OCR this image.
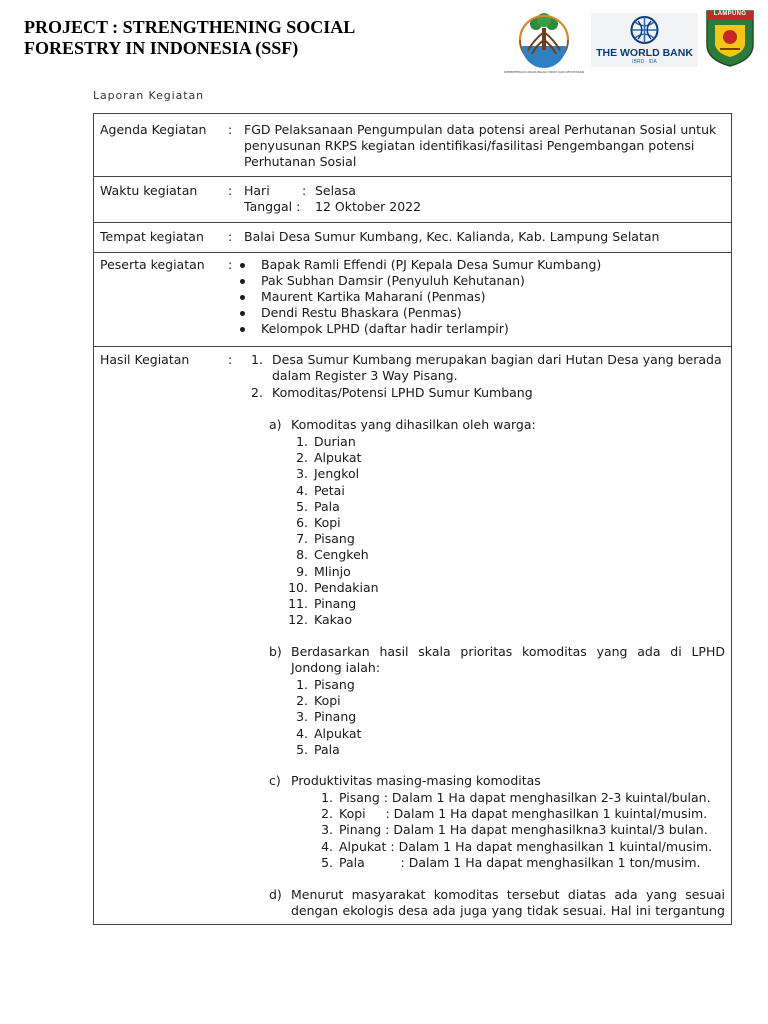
PROJECT : STRENGTHENING SOCIAL
FORESTRY IN INDONESIA (SSF)
KEMENTERIAN LINGKUNGAN HIDUP DAN KEHUTANAN
THE WORLD BANK
IBRD · IDA
LAMPUNG
Laporan Kegiatan
Agenda Kegiatan : FGD Pelaksanaan Pengumpulan data potensi areal Perhutanan Sosial untuk
penyusunan RKPS kegiatan identifikasi/fasilitasi Pengembangan potensi
Perhutanan Sosial
Waktu kegiatan : Hari	: Selasa
Tanggal : 12 Oktober 2022
Tempat kegiatan : Balai Desa Sumur Kumbang, Kec. Kalianda, Kab. Lampung Selatan
Peserta kegiatan : Bapak Ramli Effendi (PJ Kepala Desa Sumur Kumbang)
Pak Subhan Damsir (Penyuluh Kehutanan)
Maurent Kartika Maharani (Penmas)
Dendi Restu Bhaskara (Penmas)
Kelompok LPHD (daftar hadir terlampir)
Hasil Kegiatan	: 1. Desa Sumur Kumbang merupakan bagian dari Hutan Desa yang berada
dalam Register 3 Way Pisang.
2. Komoditas/Potensi LPHD Sumur Kumbang
a) Komoditas yang dihasilkan oleh warga:
1. Durian
2. Alpukat
3. Jengkol
4. Petai
5. Pala
6. Kopi
7. Pisang
8. Cengkeh
9. Mlinjo
10. Pendakian
11. Pinang
12. Kakao
b) Berdasarkan hasil skala prioritas komoditas yang ada di LPHD
Jondong ialah:
1. Pisang
2. Kopi
3. Pinang
4. Alpukat
5. Pala
c) Produktivitas masing-masing komoditas
1. Pisang : Dalam 1 Ha dapat menghasilkan 2-3 kuintal/bulan.
2. Kopi     : Dalam 1 Ha dapat menghasilkan 1 kuintal/musim.
3. Pinang : Dalam 1 Ha dapat menghasilkna3 kuintal/3 bulan.
4. Alpukat : Dalam 1 Ha dapat menghasilkan 1 kuintal/musim.
5. Pala         : Dalam 1 Ha dapat menghasilkan 1 ton/musim.
d) Menurut masyarakat komoditas tersebut diatas ada yang sesuai
dengan ekologis desa ada juga yang tidak sesuai. Hal ini tergantung
